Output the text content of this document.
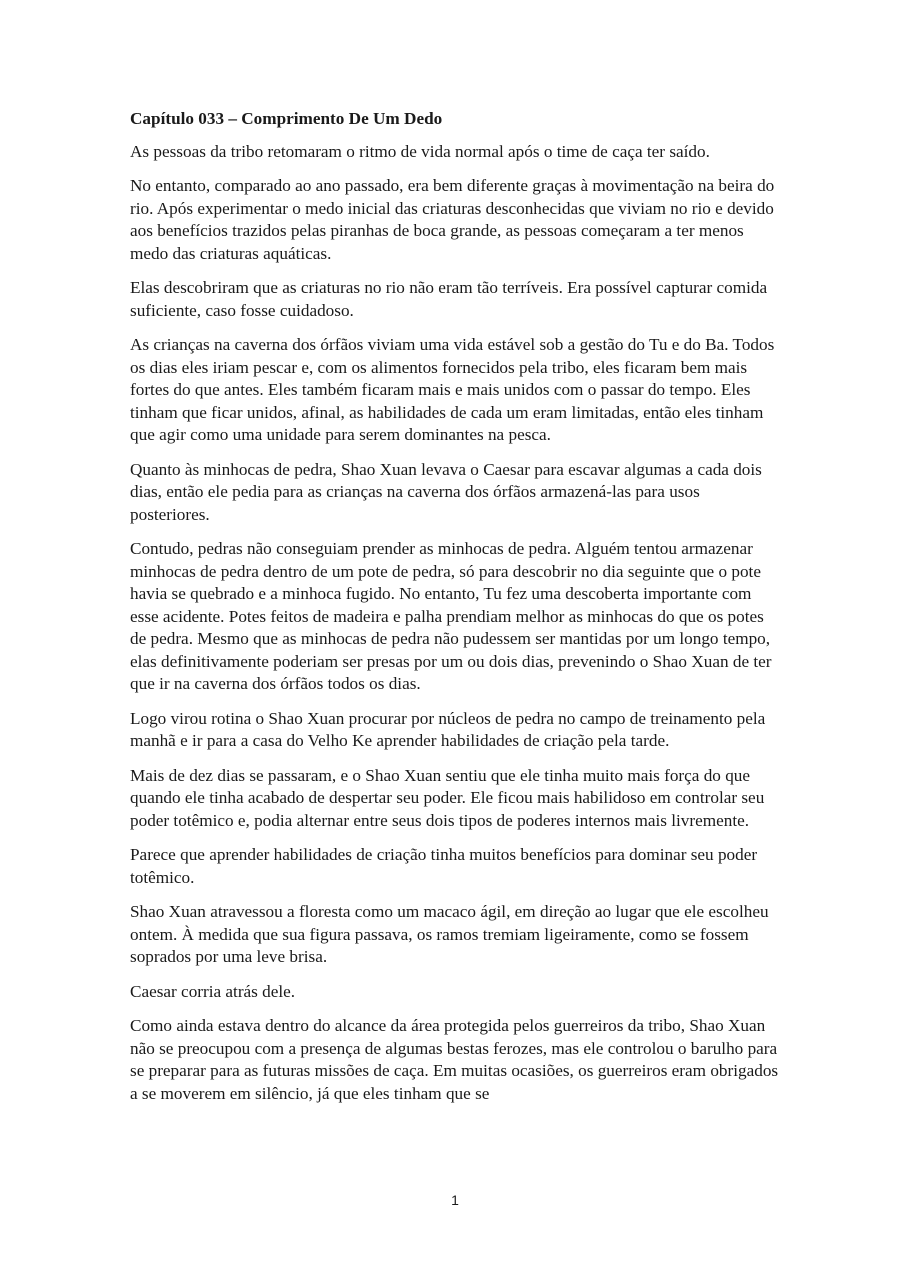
Capítulo 033 – Comprimento De Um Dedo

As pessoas da tribo retomaram o ritmo de vida normal após o time de caça ter saído.

No entanto, comparado ao ano passado, era bem diferente graças à movimentação na beira do rio. Após experimentar o medo inicial das criaturas desconhecidas que viviam no rio e devido aos benefícios trazidos pelas piranhas de boca grande, as pessoas começaram a ter menos medo das criaturas aquáticas.

Elas descobriram que as criaturas no rio não eram tão terríveis. Era possível capturar comida suficiente, caso fosse cuidadoso.

As crianças na caverna dos órfãos viviam uma vida estável sob a gestão do Tu e do Ba. Todos os dias eles iriam pescar e, com os alimentos fornecidos pela tribo, eles ficaram bem mais fortes do que antes. Eles também ficaram mais e mais unidos com o passar do tempo. Eles tinham que ficar unidos, afinal, as habilidades de cada um eram limitadas, então eles tinham que agir como uma unidade para serem dominantes na pesca.

Quanto às minhocas de pedra, Shao Xuan levava o Caesar para escavar algumas a cada dois dias, então ele pedia para as crianças na caverna dos órfãos armazená-las para usos posteriores.

Contudo, pedras não conseguiam prender as minhocas de pedra. Alguém tentou armazenar minhocas de pedra dentro de um pote de pedra, só para descobrir no dia seguinte que o pote havia se quebrado e a minhoca fugido. No entanto, Tu fez uma descoberta importante com esse acidente. Potes feitos de madeira e palha prendiam melhor as minhocas do que os potes de pedra. Mesmo que as minhocas de pedra não pudessem ser mantidas por um longo tempo, elas definitivamente poderiam ser presas por um ou dois dias, prevenindo o Shao Xuan de ter que ir na caverna dos órfãos todos os dias.

Logo virou rotina o Shao Xuan procurar por núcleos de pedra no campo de treinamento pela manhã e ir para a casa do Velho Ke aprender habilidades de criação pela tarde.

Mais de dez dias se passaram, e o Shao Xuan sentiu que ele tinha muito mais força do que quando ele tinha acabado de despertar seu poder. Ele ficou mais habilidoso em controlar seu poder totêmico e, podia alternar entre seus dois tipos de poderes internos mais livremente.

Parece que aprender habilidades de criação tinha muitos benefícios para dominar seu poder totêmico.

Shao Xuan atravessou a floresta como um macaco ágil, em direção ao lugar que ele escolheu ontem. À medida que sua figura passava, os ramos tremiam ligeiramente, como se fossem soprados por uma leve brisa.

Caesar corria atrás dele.

Como ainda estava dentro do alcance da área protegida pelos guerreiros da tribo, Shao Xuan não se preocupou com a presença de algumas bestas ferozes, mas ele controlou o barulho para se preparar para as futuras missões de caça. Em muitas ocasiões, os guerreiros eram obrigados a se moverem em silêncio, já que eles tinham que se

1
